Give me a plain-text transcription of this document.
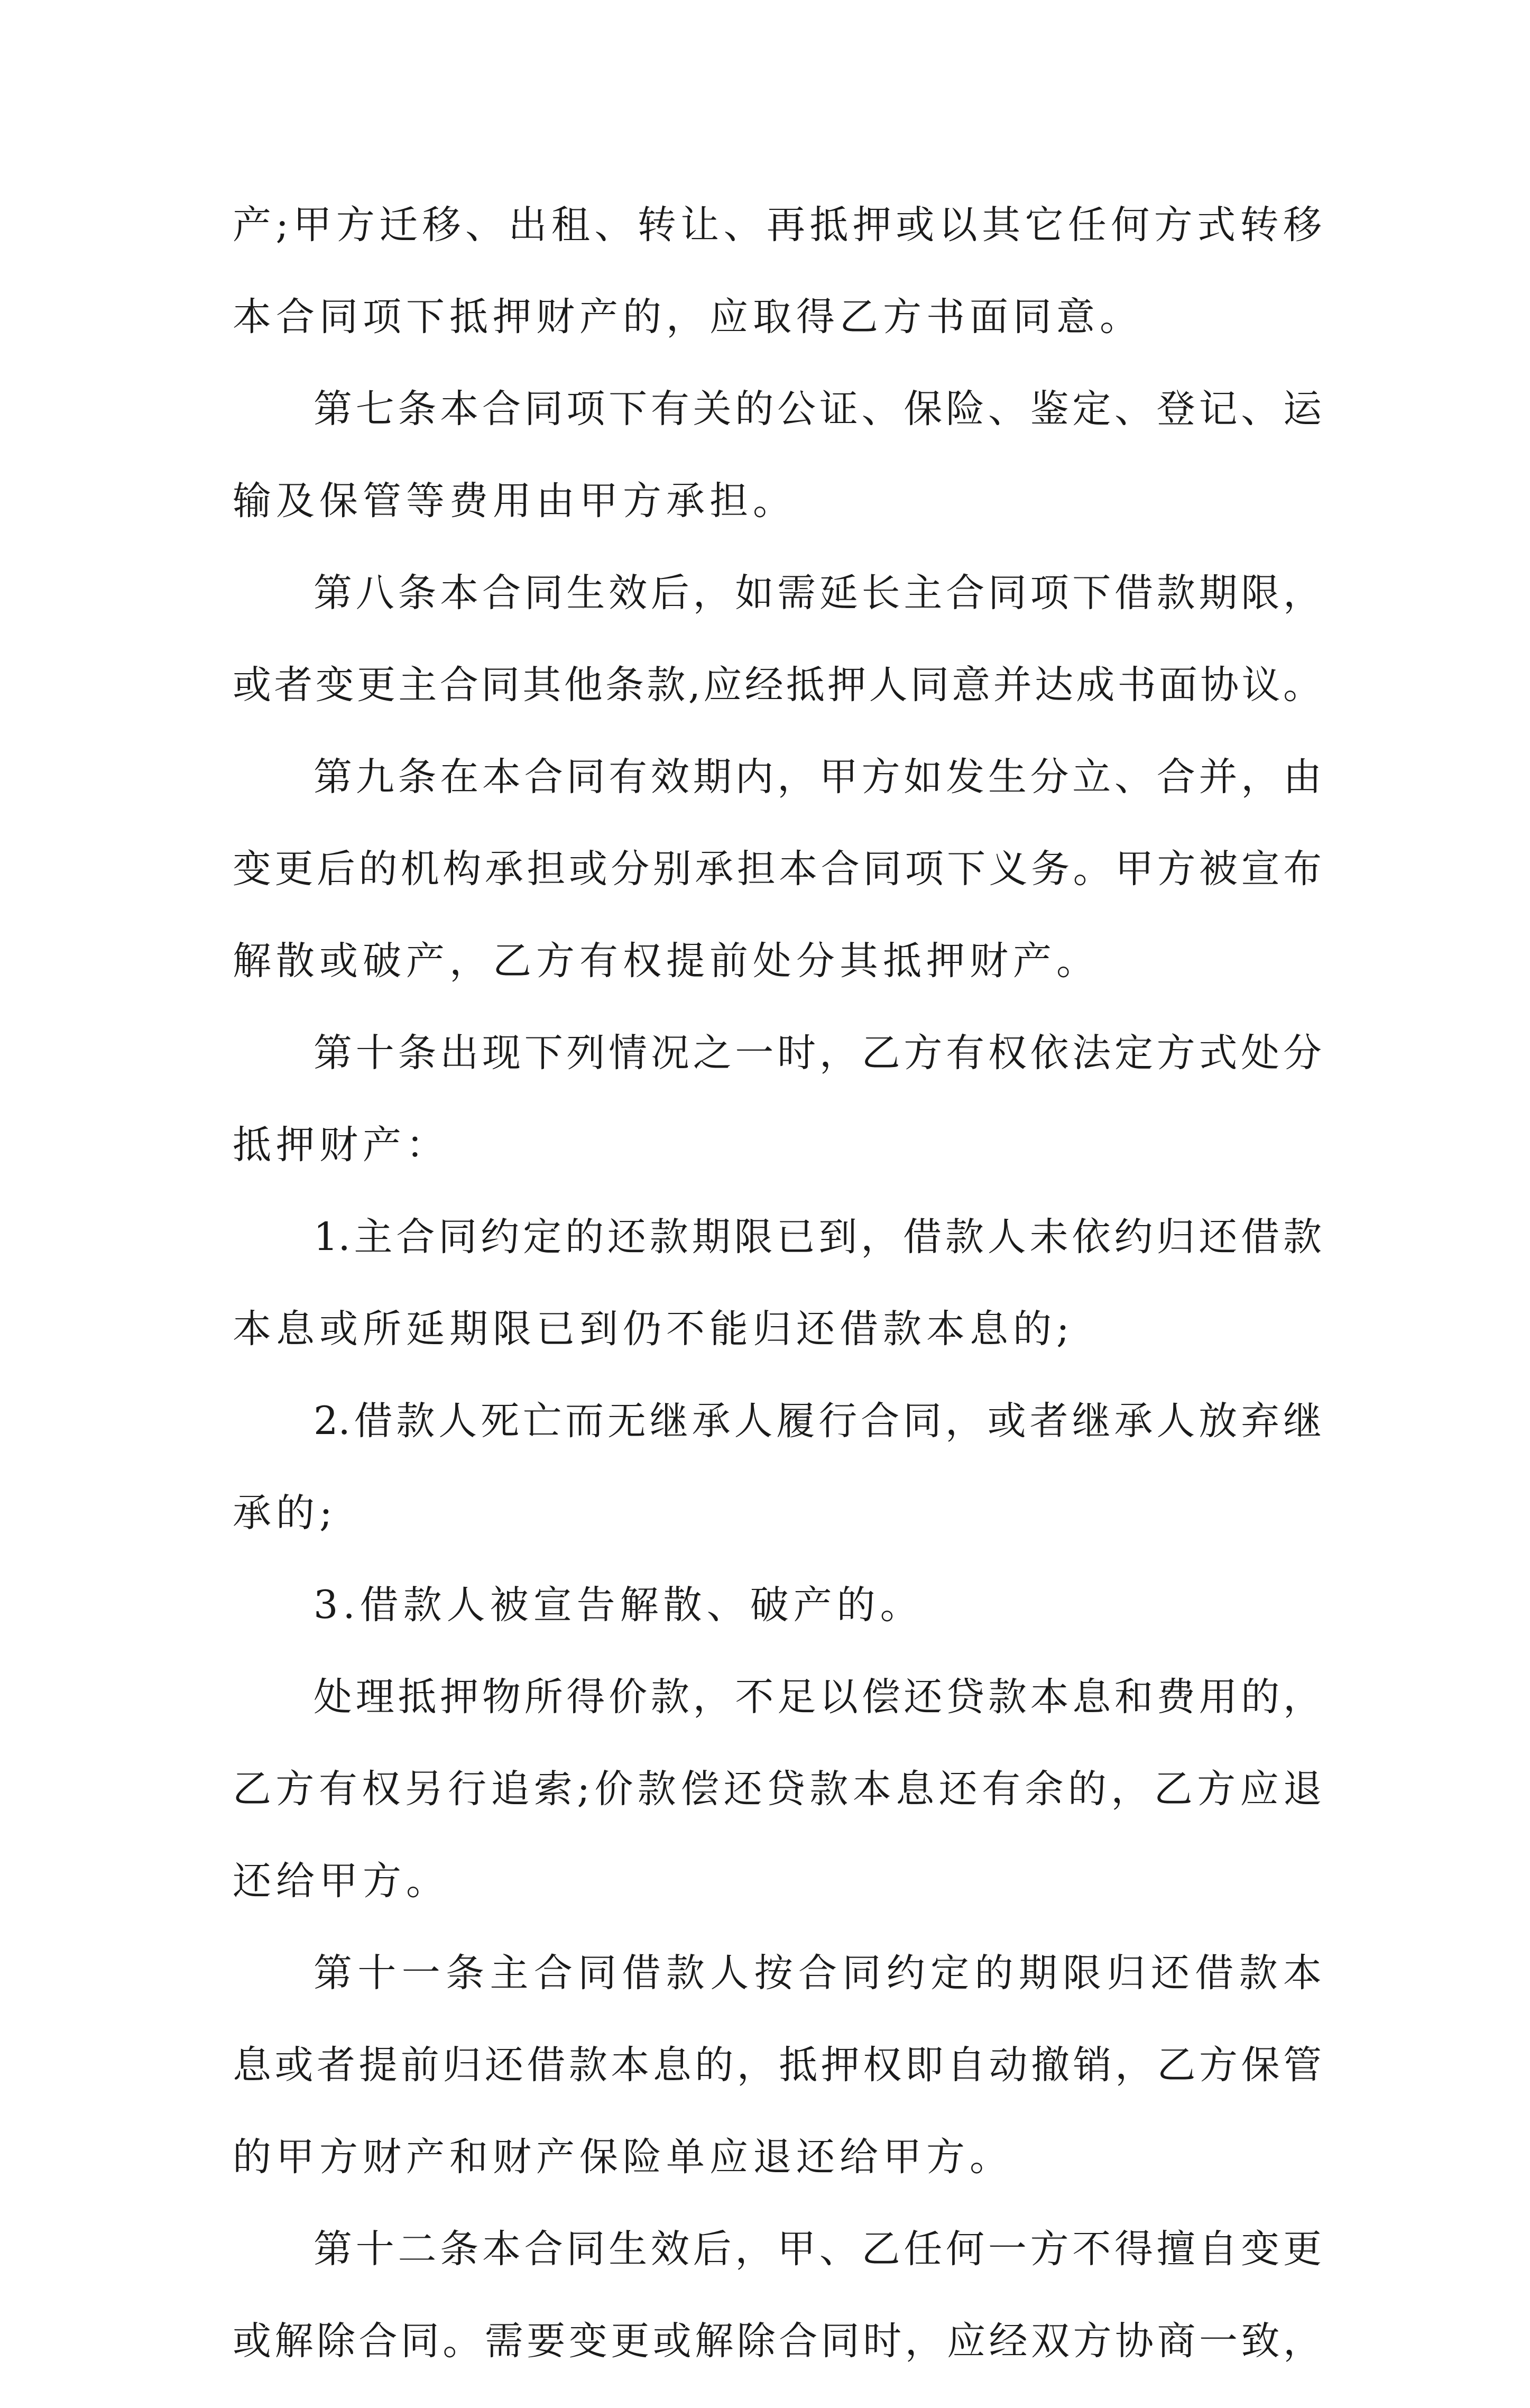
产;甲方迁移、出租、转让、再抵押或以其它任何方式转移
本合同项下抵押财产的，应取得乙方书面同意。
第七条本合同项下有关的公证、保险、鉴定、登记、运
输及保管等费用由甲方承担。
第八条本合同生效后，如需延长主合同项下借款期限，
或者变更主合同其他条款,应经抵押人同意并达成书面协议。
第九条在本合同有效期内，甲方如发生分立、合并，由
变更后的机构承担或分别承担本合同项下义务。甲方被宣布
解散或破产，乙方有权提前处分其抵押财产。
第十条出现下列情况之一时，乙方有权依法定方式处分
抵押财产：
1.主合同约定的还款期限已到，借款人未依约归还借款
本息或所延期限已到仍不能归还借款本息的;
2.借款人死亡而无继承人履行合同，或者继承人放弃继
承的;
3.借款人被宣告解散、破产的。
处理抵押物所得价款，不足以偿还贷款本息和费用的，
乙方有权另行追索;价款偿还贷款本息还有余的，乙方应退
还给甲方。
第十一条主合同借款人按合同约定的期限归还借款本
息或者提前归还借款本息的，抵押权即自动撤销，乙方保管
的甲方财产和财产保险单应退还给甲方。
第十二条本合同生效后，甲、乙任何一方不得擅自变更
或解除合同。需要变更或解除合同时，应经双方协商一致，
